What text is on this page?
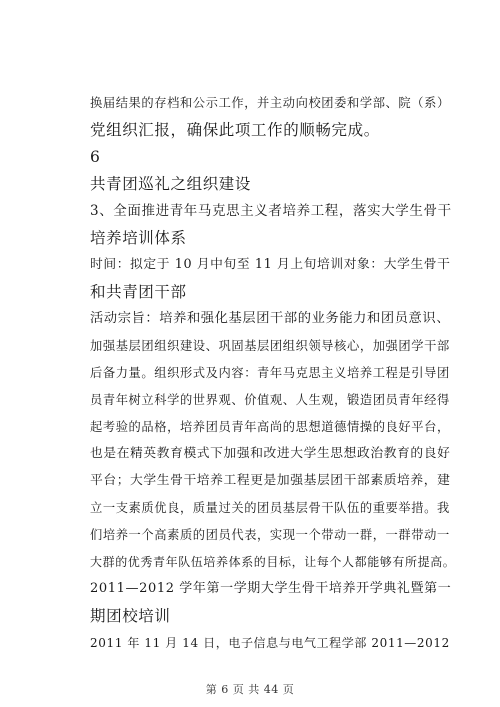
换届结果的存档和公示工作，并主动向校团委和学部、院（系）
党组织汇报，确保此项工作的顺畅完成。
6
共青团巡礼之组织建设
3、全面推进青年马克思主义者培养工程，落实大学生骨干
培养培训体系
时间：拟定于 10 月中旬至 11 月上旬培训对象：大学生骨干
和共青团干部
活动宗旨：培养和强化基层团干部的业务能力和团员意识、
加强基层团组织建设、巩固基层团组织领导核心，加强团学干部
后备力量。组织形式及内容：青年马克思主义培养工程是引导团
员青年树立科学的世界观、价值观、人生观，锻造团员青年经得
起考验的品格，培养团员青年高尚的思想道德情操的良好平台，
也是在精英教育模式下加强和改进大学生思想政治教育的良好
平台；大学生骨干培养工程更是加强基层团干部素质培养，建
立一支素质优良，质量过关的团员基层骨干队伍的重要举措。我
们培养一个高素质的团员代表，实现一个带动一群，一群带动一
大群的优秀青年队伍培养体系的目标，让每个人都能够有所提高。
2011—2012 学年第一学期大学生骨干培养开学典礼暨第一
期团校培训
2011 年 11 月 14 日，电子信息与电气工程学部 2011—2012
第 6 页 共 44 页
